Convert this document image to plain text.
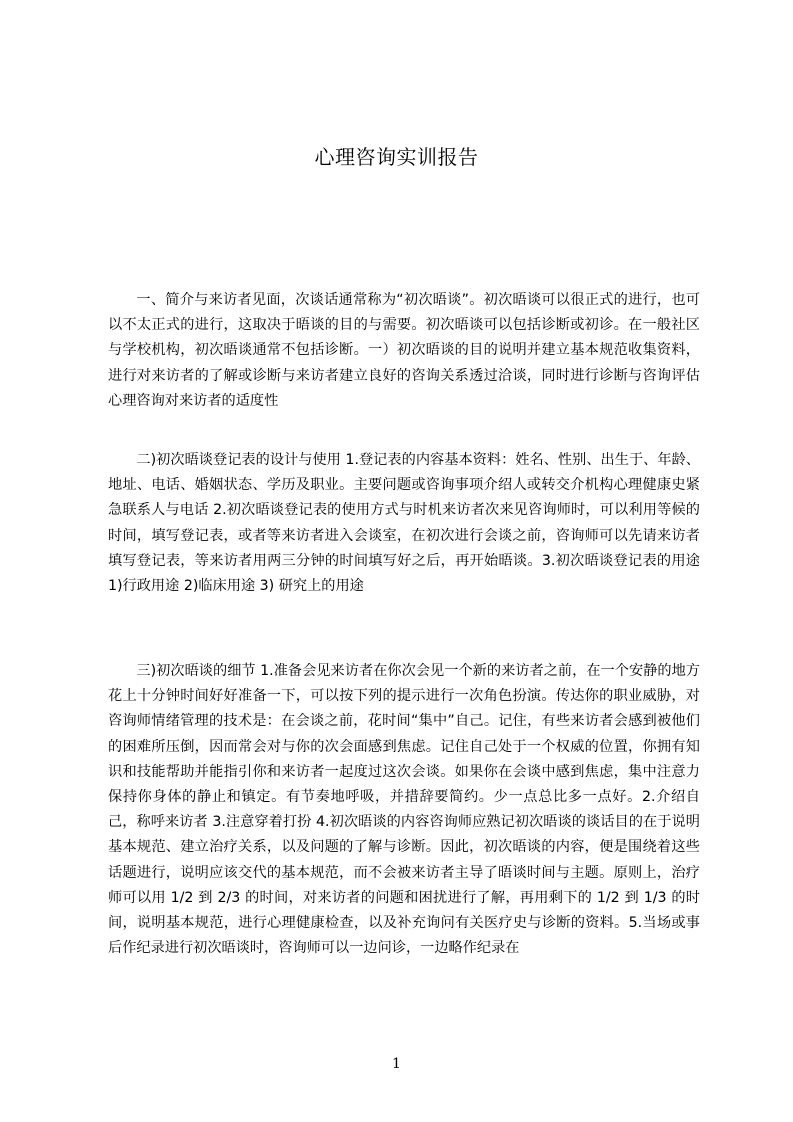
心理咨询实训报告

一、简介与来访者见面，次谈话通常称为“初次晤谈”。初次晤谈可以很正式的进行，也可以不太正式的进行，这取决于晤谈的目的与需要。初次晤谈可以包括诊断或初诊。在一般社区与学校机构，初次晤谈通常不包括诊断。一）初次晤谈的目的说明并建立基本规范收集资料，进行对来访者的了解或诊断与来访者建立良好的咨询关系透过洽谈，同时进行诊断与咨询评估心理咨询对来访者的适度性

二)初次晤谈登记表的设计与使用 1.登记表的内容基本资料：姓名、性别、出生于、年龄、地址、电话、婚姻状态、学历及职业。主要问题或咨询事项介绍人或转交介机构心理健康史紧急联系人与电话 2.初次晤谈登记表的使用方式与时机来访者次来见咨询师时，可以利用等候的时间，填写登记表，或者等来访者进入会谈室，在初次进行会谈之前，咨询师可以先请来访者填写登记表，等来访者用两三分钟的时间填写好之后，再开始晤谈。3.初次晤谈登记表的用途 1)行政用途 2)临床用途 3) 研究上的用途

三)初次晤谈的细节 1.准备会见来访者在你次会见一个新的来访者之前，在一个安静的地方花上十分钟时间好好准备一下，可以按下列的提示进行一次角色扮演。传达你的职业威胁，对咨询师情绪管理的技术是：在会谈之前，花时间“集中”自己。记住，有些来访者会感到被他们的困难所压倒，因而常会对与你的次会面感到焦虑。记住自己处于一个权威的位置，你拥有知识和技能帮助并能指引你和来访者一起度过这次会谈。如果你在会谈中感到焦虑，集中注意力保持你身体的静止和镇定。有节奏地呼吸，并措辞要简约。少一点总比多一点好。2.介绍自己，称呼来访者 3.注意穿着打扮 4.初次晤谈的内容咨询师应熟记初次晤谈的谈话目的在于说明基本规范、建立治疗关系，以及问题的了解与诊断。因此，初次晤谈的内容，便是围绕着这些话题进行，说明应该交代的基本规范，而不会被来访者主导了晤谈时间与主题。原则上，治疗师可以用 1/2 到 2/3 的时间，对来访者的问题和困扰进行了解，再用剩下的 1/2 到 1/3 的时间，说明基本规范，进行心理健康检查，以及补充询问有关医疗史与诊断的资料。5.当场或事后作纪录进行初次晤谈时，咨询师可以一边问诊，一边略作纪录在

1
